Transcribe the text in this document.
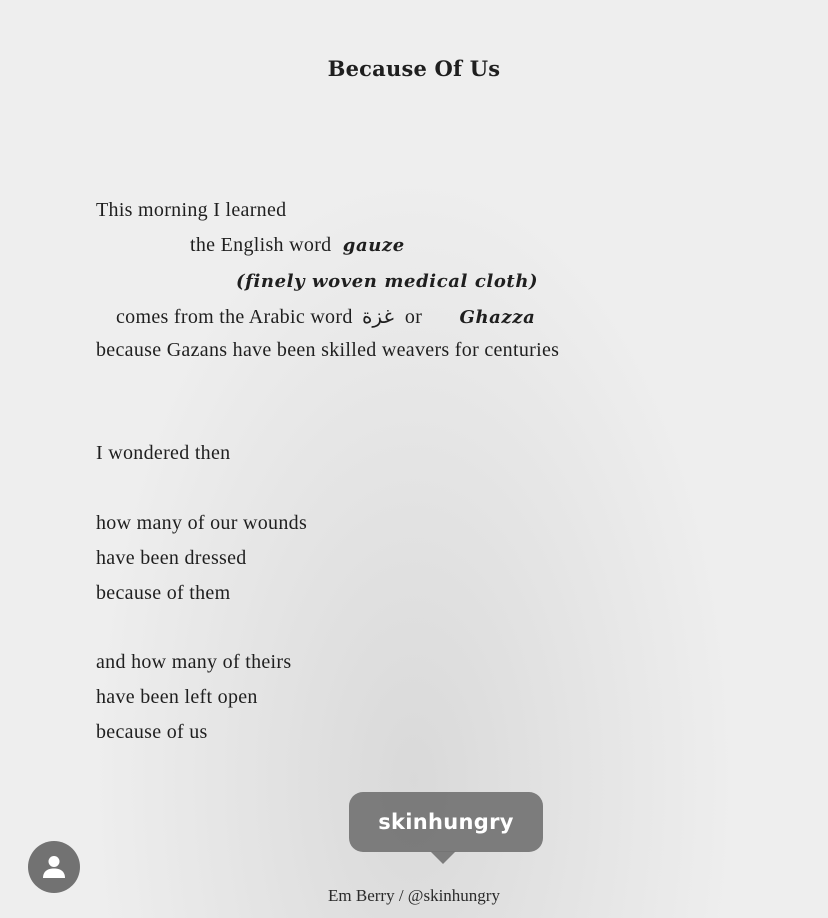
Because Of Us
This morning I learned
the English word gauze
(finely woven medical cloth)
comes from the Arabic word غزة or Ghazza
because Gazans have been skilled weavers for centuries
I wondered then
how many of our wounds
have been dressed
because of them
and how many of theirs
have been left open
because of us
skinhungry
Em Berry / @skinhungry
